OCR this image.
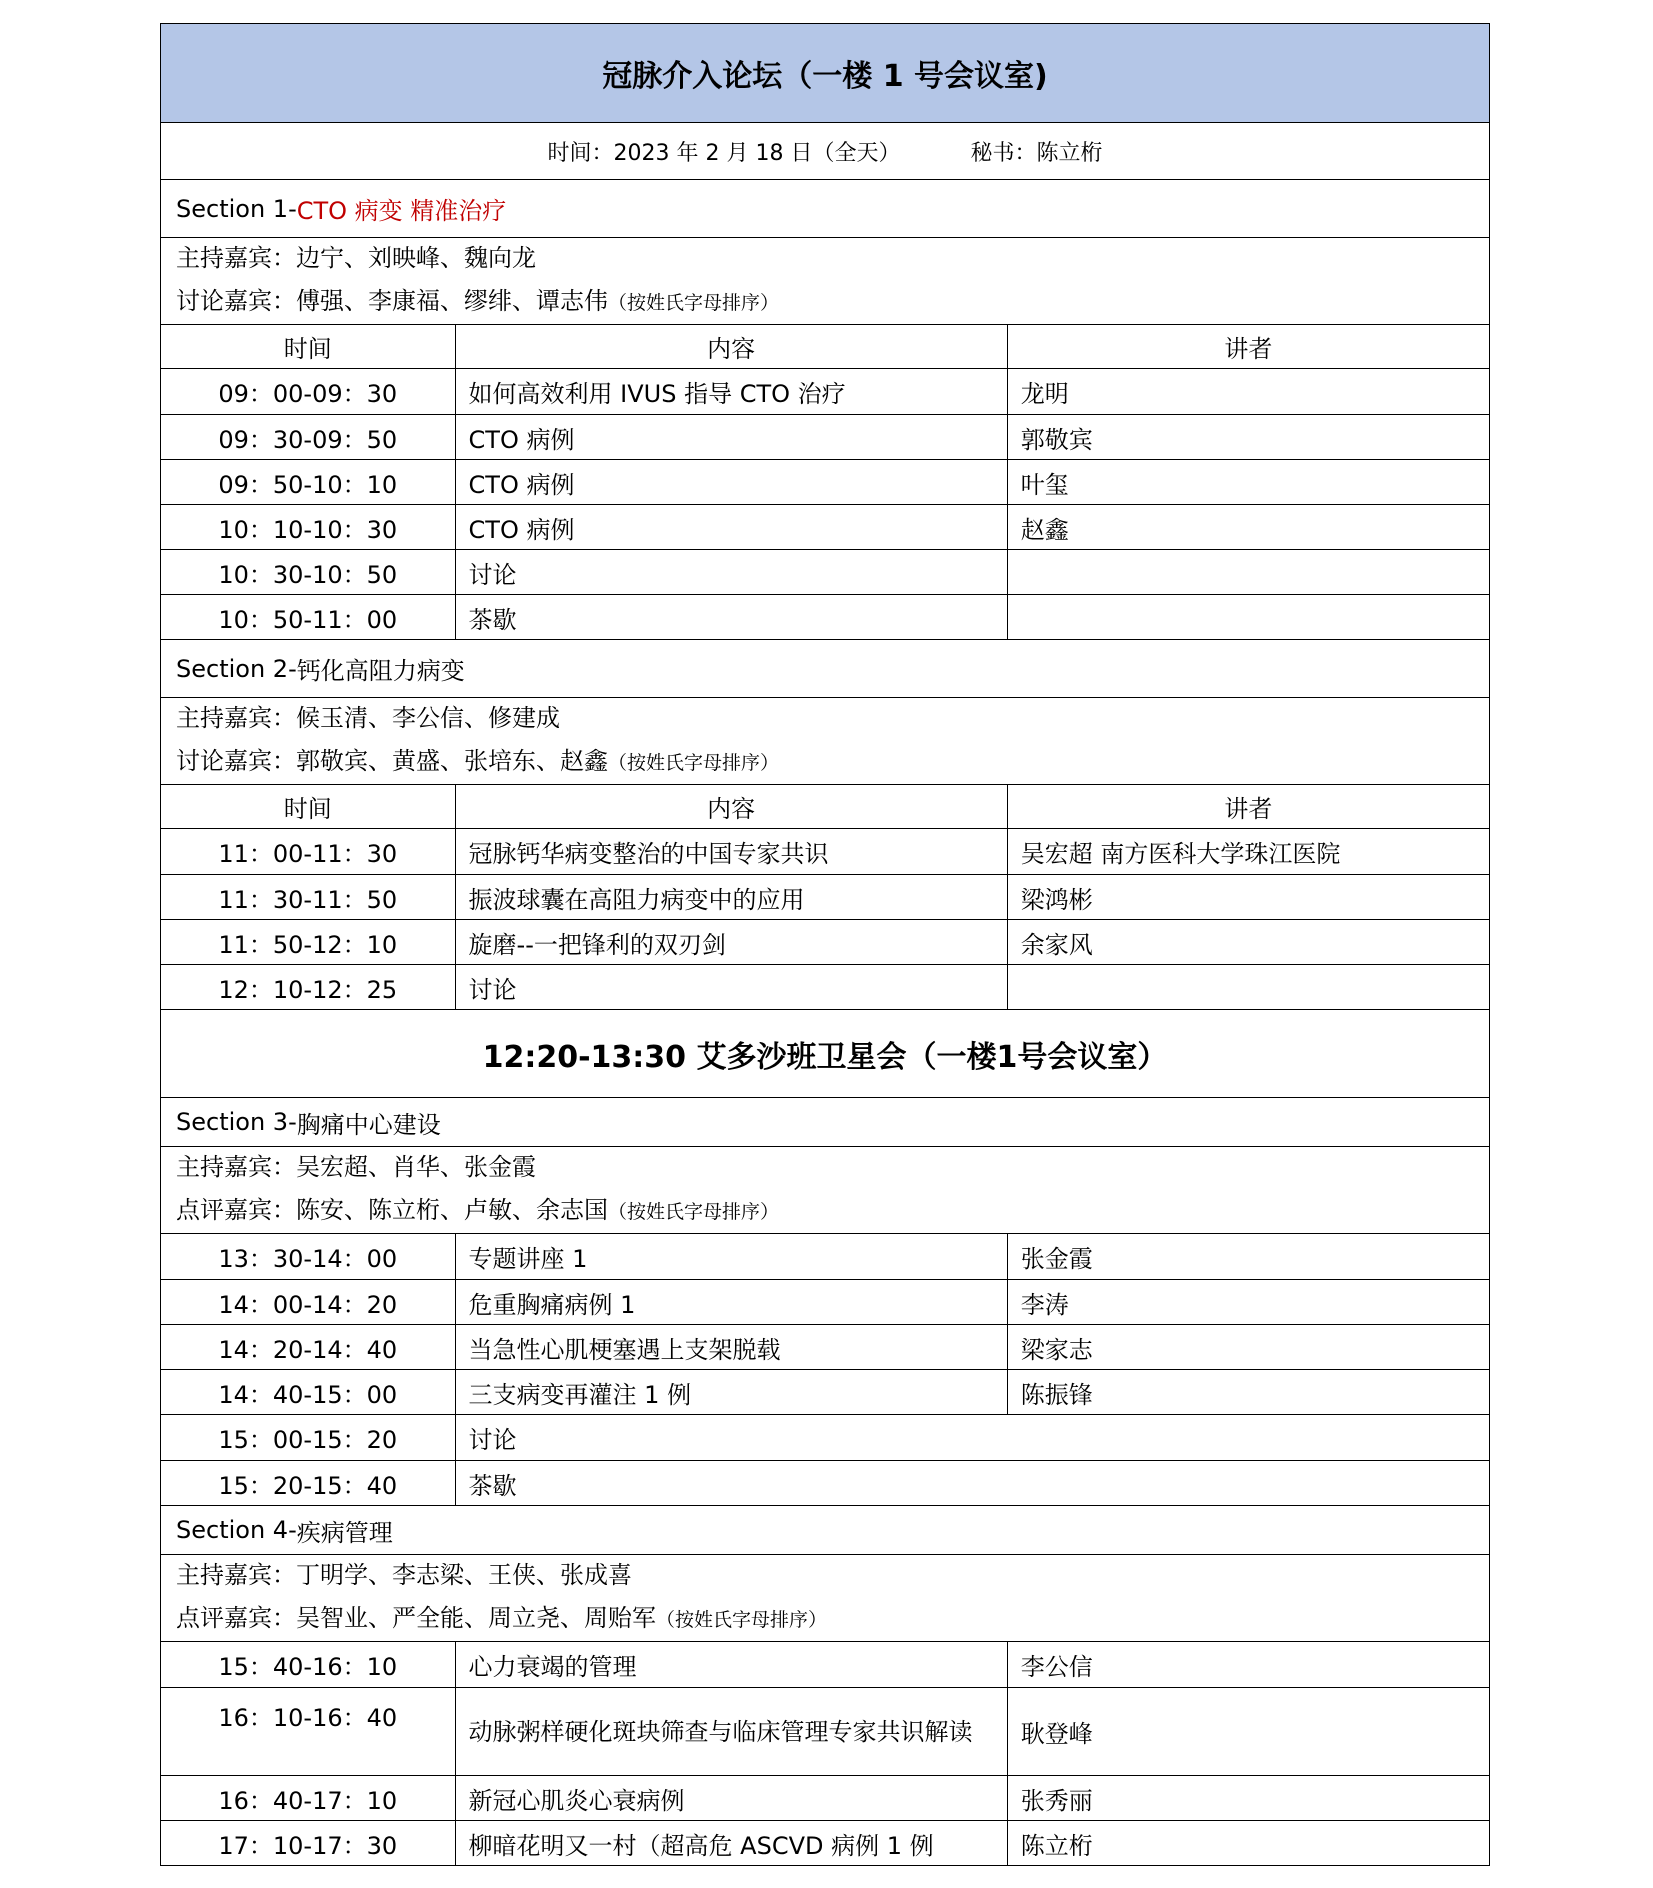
冠脉介入论坛（一楼 1 号会议室)
时间：2023 年 2 月 18 日（全天）	秘书：陈立桁
Section 1- CTO 病变 精准治疗
主持嘉宾：边宁、刘映峰、魏向龙
讨论嘉宾：傅强、李康福、缪绯、谭志伟（按姓氏字母排序）
时间	内容	讲者
09：00-09：30	如何高效利用 IVUS 指导 CTO 治疗	龙明
09：30-09：50	CTO 病例	郭敬宾
09：50-10：10	CTO 病例	叶玺
10：10-10：30	CTO 病例	赵鑫
10：30-10：50	讨论
10：50-11：00	茶歇
Section 2- 钙化高阻力病变
主持嘉宾：候玉清、李公信、修建成
讨论嘉宾：郭敬宾、黄盛、张培东、赵鑫（按姓氏字母排序）
时间	内容	讲者
11：00-11：30	冠脉钙华病变整治的中国专家共识	吴宏超 南方医科大学珠江医院
11：30-11：50	振波球囊在高阻力病变中的应用	梁鸿彬
11：50-12：10	旋磨--一把锋利的双刃剑	余家风
12：10-12：25	讨论
12:20-13:30 艾多沙班卫星会（一楼1号会议室）
Section 3- 胸痛中心建设
主持嘉宾：吴宏超、肖华、张金霞
点评嘉宾：陈安、陈立桁、卢敏、余志国（按姓氏字母排序）
13：30-14：00	专题讲座 1	张金霞
14：00-14：20	危重胸痛病例 1	李涛
14：20-14：40	当急性心肌梗塞遇上支架脱载	梁家志
14：40-15：00	三支病变再灌注 1 例	陈振锋
15：00-15：20	讨论
15：20-15：40	茶歇
Section 4- 疾病管理
主持嘉宾：丁明学、李志梁、王侠、张成喜
点评嘉宾：吴智业、严全能、周立尧、周贻军（按姓氏字母排序）
15：40-16：10	心力衰竭的管理	李公信
16：10-16：40	动脉粥样硬化斑块筛查与临床管理专家共识解读	耿登峰
16：40-17：10	新冠心肌炎心衰病例	张秀丽
17：10-17：30	柳暗花明又一村（超高危 ASCVD 病例 1 例	陈立桁
